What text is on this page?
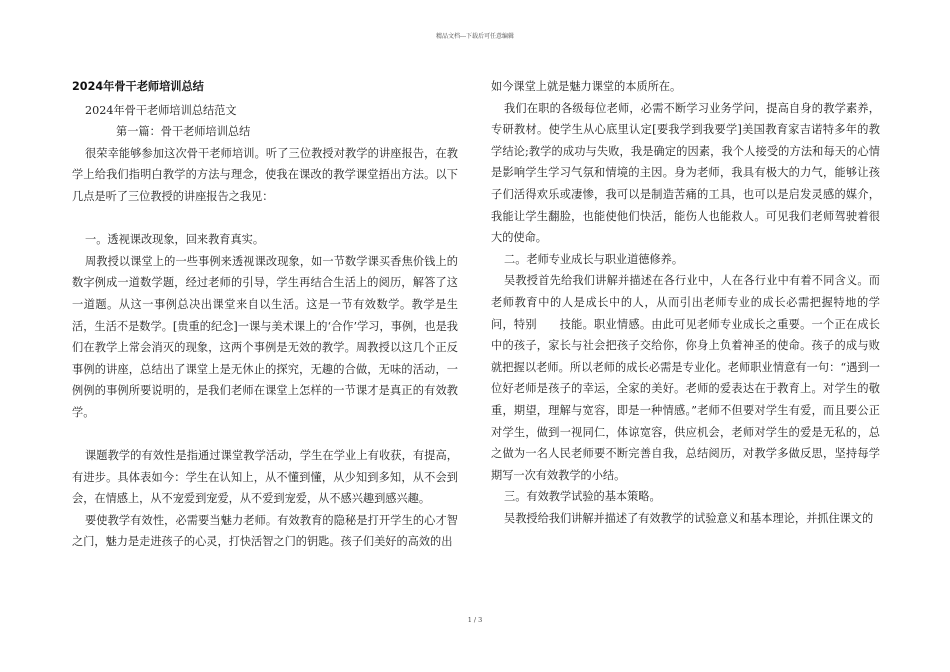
精品文档---下载后可任意编辑

2024年骨干老师培训总结

2024年骨干老师培训总结范文

第一篇：骨干老师培训总结

很荣幸能够参加这次骨干老师培训。听了三位教授对教学的讲座报告，在教学上给我们指明白教学的方法与理念，使我在课改的教学课堂捂出方法。以下几点是听了三位教授的讲座报告之我见：

一。透视课改现象，回来教育真实。

周教授以课堂上的一些事例来透视课改现象，如一节数学课买香焦价钱上的数字例成一道数学题，经过老师的引导，学生再结合生活上的阅历，解答了这一道题。从这一事例总决出课堂来自以生活。这是一节有效数学。教学是生活，生活不是数学。[贵重的纪念]一课与美术课上的‘合作’学习，事例，也是我们在教学上常会消灭的现象，这两个事例是无效的教学。周教授以这几个正反事例的讲座，总结出了课堂上是无休止的探究，无趣的合做，无味的活动，一例例的事例所要说明的，是我们老师在课堂上怎样的一节课才是真正的有效教学。

课题教学的有效性是指通过课堂教学活动，学生在学业上有收获，有提高，有进步。具体表如今：学生在认知上，从不懂到懂，从少知到多知，从不会到会，在情感上，从不宠爱到宠爱，从不爱到宠爱，从不感兴趣到感兴趣。

要使教学有效性，必需要当魅力老师。有效教育的隐秘是打开学生的心才智之门，魅力是走进孩子的心灵，打快活智之门的钥匙。孩子们美好的高效的出

如今课堂上就是魅力课堂的本质所在。

我们在职的各级每位老师，必需不断学习业务学问，提高自身的教学素养，专研教材。使学生从心底里认定[要我学到我要学]美国教育家吉诺特多年的教学结论;教学的成功与失败，我是确定的因素，我个人接受的方法和每天的心情是影响学生学习气氛和情境的主因。身为老师，我具有极大的力气，能够让孩子们活得欢乐或凄惨，我可以是制造苦痛的工具，也可以是启发灵感的媒介，我能让学生翻脸，也能使他们快活，能伤人也能救人。可见我们老师驾驶着很大的使命。

二。老师专业成长与职业道德修养。

吴教授首先给我们讲解并描述在各行业中，人在各行业中有着不同含义。而老师教育中的人是成长中的人，从而引出老师专业的成长必需把握特地的学问，特别　　技能。职业情感。由此可见老师专业成长之重要。一个正在成长中的孩子，家长与社会把孩子交给你，你身上负着神圣的使命。孩子的成与败就把握以老师。所以老师的成长必需是专业化。老师职业情意有一句：“遇到一位好老师是孩子的幸运，全家的美好。老师的爱表达在于教育上。对学生的敬重，期望，理解与宽容，即是一种情感。”老师不但要对学生有爱，而且要公正对学生，做到一视同仁，体谅宽容，供应机会，老师对学生的爱是无私的，总之做为一名人民老师要不断完善自我，总结阅历，对教学多做反思，坚持每学期写一次有效教学的小结。

三。有效教学试验的基本策略。

吴教授给我们讲解并描述了有效教学的试验意义和基本理论，并抓住课文的

1 / 3
